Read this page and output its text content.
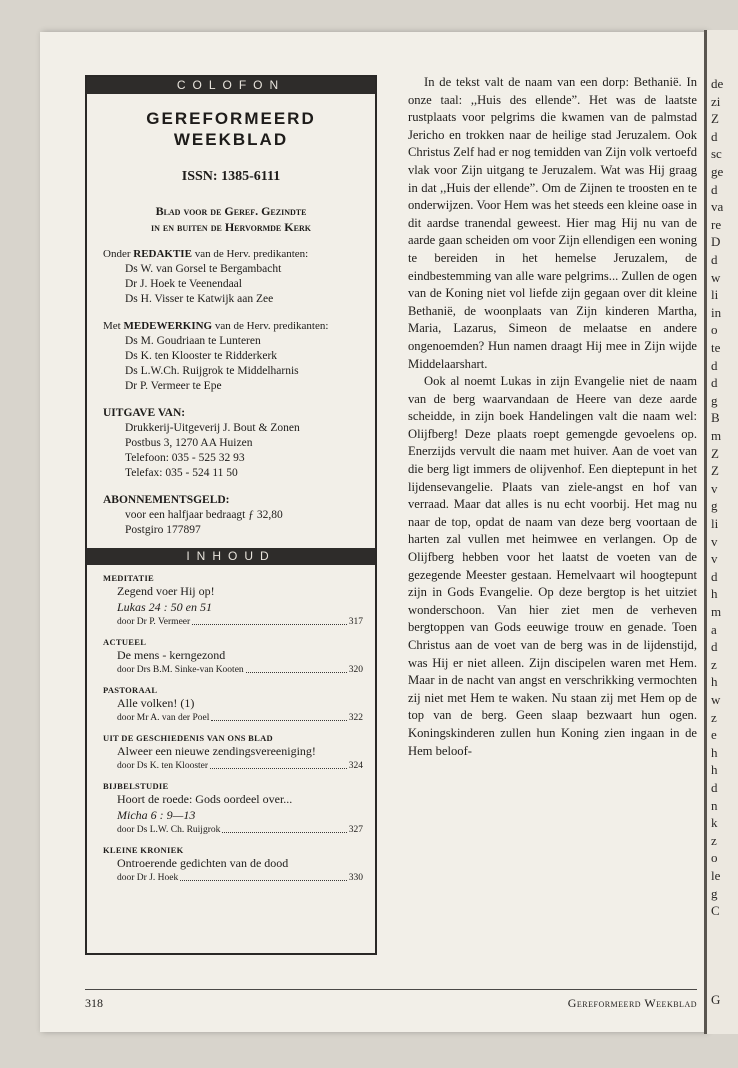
COLOFON
GEREFORMEERD
WEEKBLAD
ISSN: 1385-6111
Blad voor de Geref. Gezindte
in en buiten de Hervormde Kerk
Onder REDAKTIE van de Herv. predikanten:
Ds W. van Gorsel te Bergambacht
Dr J. Hoek te Veenendaal
Ds H. Visser te Katwijk aan Zee
Met MEDEWERKING van de Herv. predikanten:
Ds M. Goudriaan te Lunteren
Ds K. ten Klooster te Ridderkerk
Ds L.W.Ch. Ruijgrok te Middelharnis
Dr P. Vermeer te Epe
UITGAVE VAN:
Drukkerij-Uitgeverij J. Bout & Zonen
Postbus 3, 1270 AA Huizen
Telefoon: 035 - 525 32 93
Telefax: 035 - 524 11 50
ABONNEMENTSGELD:
voor een halfjaar bedraagt ƒ 32,80
Postgiro 177897
INHOUD
MEDITATIE
Zegend voer Hij op!
Lukas 24 : 50 en 51
door Dr P. Vermeer	317
ACTUEEL
De mens - kerngezond
door Drs B.M. Sinke-van Kooten	320
PASTORAAL
Alle volken! (1)
door Mr A. van der Poel	322
UIT DE GESCHIEDENIS VAN ONS BLAD
Alweer een nieuwe zendingsvereeniging!
door Ds K. ten Klooster	324
BIJBELSTUDIE
Hoort de roede: Gods oordeel over...
Micha 6 : 9—13
door Ds L.W. Ch. Ruijgrok	327
KLEINE KRONIEK
Ontroerende gedichten van de dood
door Dr J. Hoek	330

In de tekst valt de naam van een dorp: Bethanië. In onze taal: ,,Huis des ellende”. Het was de laatste rustplaats voor pelgrims die kwamen van de palmstad Jericho en trokken naar de heilige stad Jeruzalem. Ook Christus Zelf had er nog temidden van Zijn volk vertoefd vlak voor Zijn uitgang te Jeruzalem. Wat was Hij graag in dat ,,Huis der ellende”. Om de Zijnen te troosten en te onderwijzen. Voor Hem was het steeds een kleine oase in dit aardse tranendal geweest. Hier mag Hij nu van de aarde gaan scheiden om voor Zijn ellendigen een woning te bereiden in het hemelse Jeruzalem, de eindbestemming van alle ware pelgrims... Zullen de ogen van de Koning niet vol liefde zijn gegaan over dit kleine Bethanië, de woonplaats van Zijn kinderen Martha, Maria, Lazarus, Simeon de melaatse en andere ongenoemden? Hun namen draagt Hij mee in Zijn wijde Middelaarshart.

Ook al noemt Lukas in zijn Evangelie niet de naam van de berg waarvandaan de Heere van deze aarde scheidde, in zijn boek Handelingen valt die naam wel: Olijfberg! Deze plaats roept gemengde gevoelens op. Enerzijds vervult die naam met huiver. Aan de voet van die berg ligt immers de olijvenhof. Een dieptepunt in het lijdensevangelie. Plaats van ziele-angst en hof van verraad. Maar dat alles is nu echt voorbij. Het mag nu naar de top, opdat de naam van deze berg voortaan de harten zal vullen met heimwee en verlangen. Op de Olijfberg hebben voor het laatst de voeten van de gezegende Meester gestaan. Hemelvaart wil hoogtepunt zijn in Gods Evangelie. Op deze bergtop is het uitziet wonderschoon. Van hier ziet men de verheven bergtoppen van Gods eeuwige trouw en genade. Toen Christus aan de voet van de berg was in de lijdenstijd, was Hij er niet alleen. Zijn discipelen waren met Hem. Maar in de nacht van angst en verschrikking vermochten zij niet met Hem te waken. Nu staan zij met Hem op de top van de berg. Geen slaap bezwaart hun ogen. Koningskinderen zullen hun Koning zien ingaan in de Hem beloof-

318	Gereformeerd Weekblad
de
zi
Z
d
sc
ge
d
va
re
D
d
w
li
in
o
te
d
d
g
B
m
Z
Z
v
g
li
v
v
d
h
m
a
d
z
h
w
z
e
h
h
d
n
k
z
o
le
g
C
G
